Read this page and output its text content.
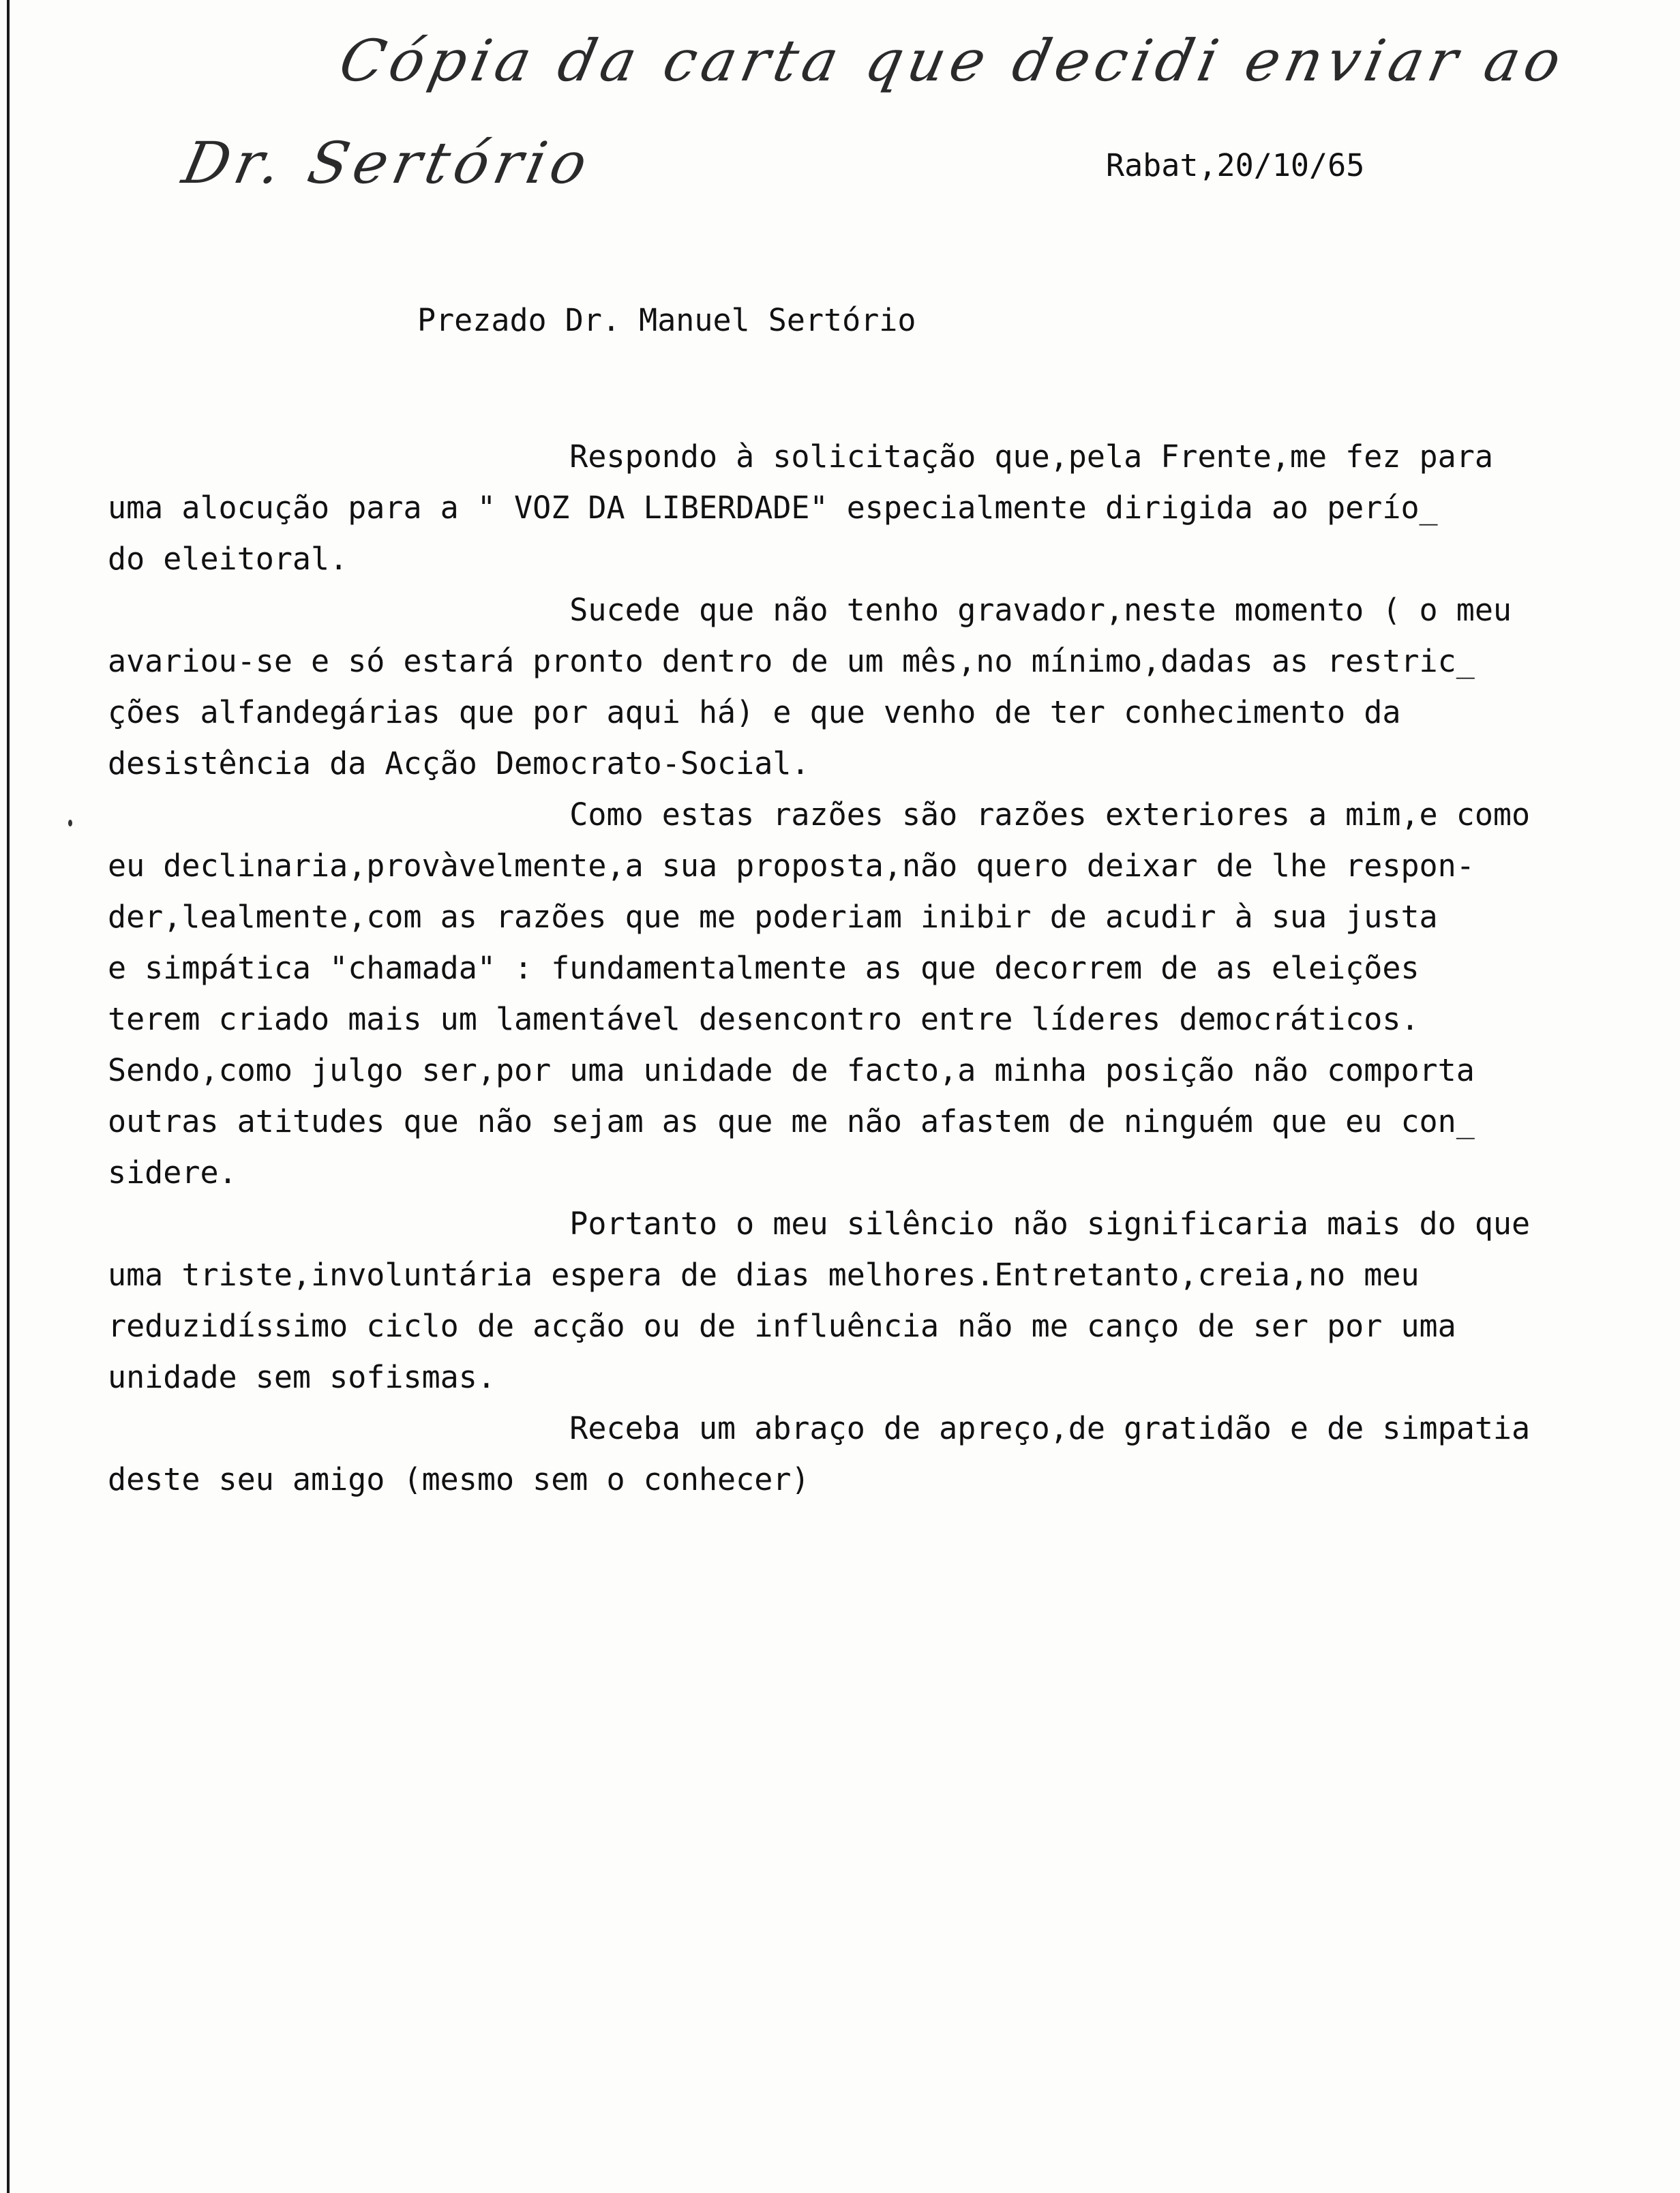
Cópia da carta que decidi enviar ao
Dr. Sertório	Rabat,20/10/65
Prezado Dr. Manuel Sertório
Respondo à solicitação que,pela Frente,me fez para
uma alocução para a " VOZ DA LIBERDADE" especialmente dirigida ao perío_
do eleitoral.
Sucede que não tenho gravador,neste momento ( o meu
avariou-se e só estará pronto dentro de um mês,no mínimo,dadas as restric_
ções alfandegárias que por aqui há) e que venho de ter conhecimento da
desistência da Acção Democrato-Social.
Como estas razões são razões exteriores a mim,e como
eu declinaria,provàvelmente,a sua proposta,não quero deixar de lhe respon-
der,lealmente,com as razões que me poderiam inibir de acudir à sua justa
e simpática "chamada" : fundamentalmente as que decorrem de as eleições
terem criado mais um lamentável desencontro entre líderes democráticos.
Sendo,como julgo ser,por uma unidade de facto,a minha posição não comporta
outras atitudes que não sejam as que me não afastem de ninguém que eu con_
sidere.
Portanto o meu silêncio não significaria mais do que
uma triste,involuntária espera de dias melhores.Entretanto,creia,no meu
reduzidíssimo ciclo de acção ou de influência não me canço de ser por uma
unidade sem sofismas.
Receba um abraço de apreço,de gratidão e de simpatia
deste seu amigo (mesmo sem o conhecer)
